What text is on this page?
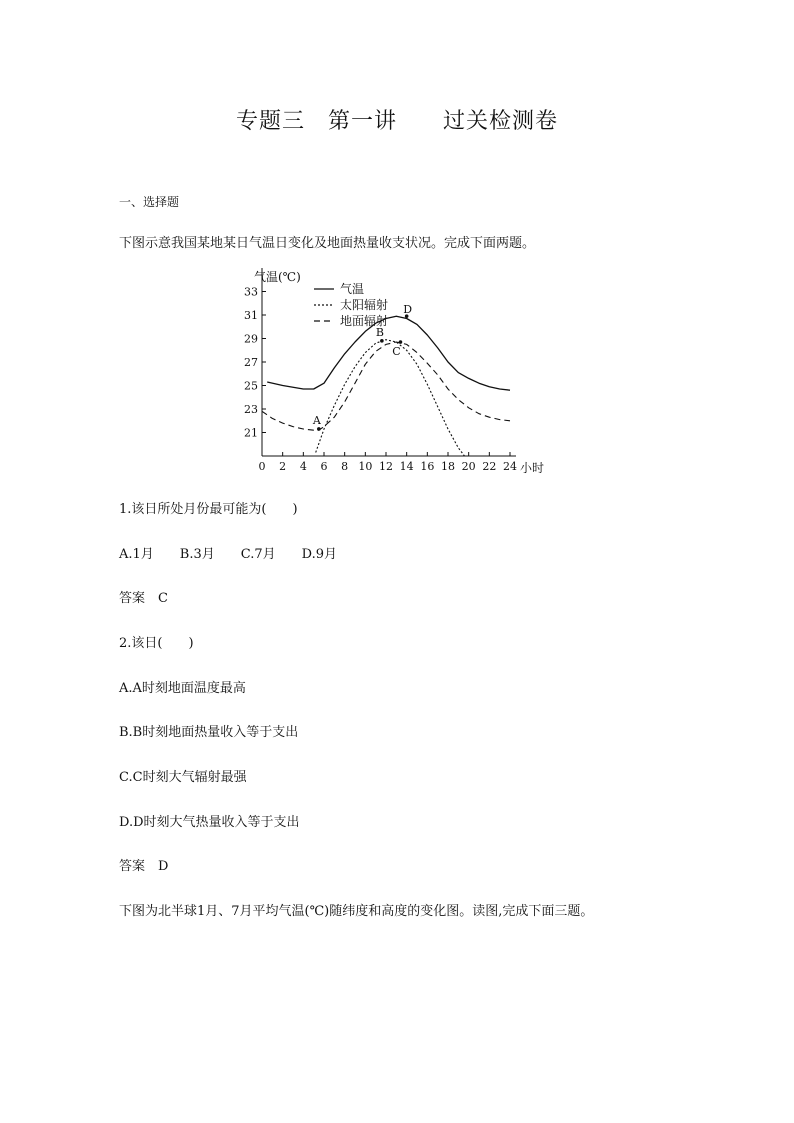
专题三　第一讲　　过关检测卷
一、选择题
下图示意我国某地某日气温日变化及地面热量收支状况。完成下面两题。
21
23
25
27
29
31
33
0 2 4 6 8 10 12 14 16 18 20 22 24
气温(℃)
小时
气温
太阳辐射
地面辐射
A
B
C
D
1.该日所处月份最可能为(　　)
A.1月　　B.3月　　C.7月　　D.9月
答案　C
2.该日(　　)
A.A时刻地面温度最高
B.B时刻地面热量收入等于支出
C.C时刻大气辐射最强
D.D时刻大气热量收入等于支出
答案　D
下图为北半球1月、7月平均气温(℃)随纬度和高度的变化图。读图,完成下面三题。
